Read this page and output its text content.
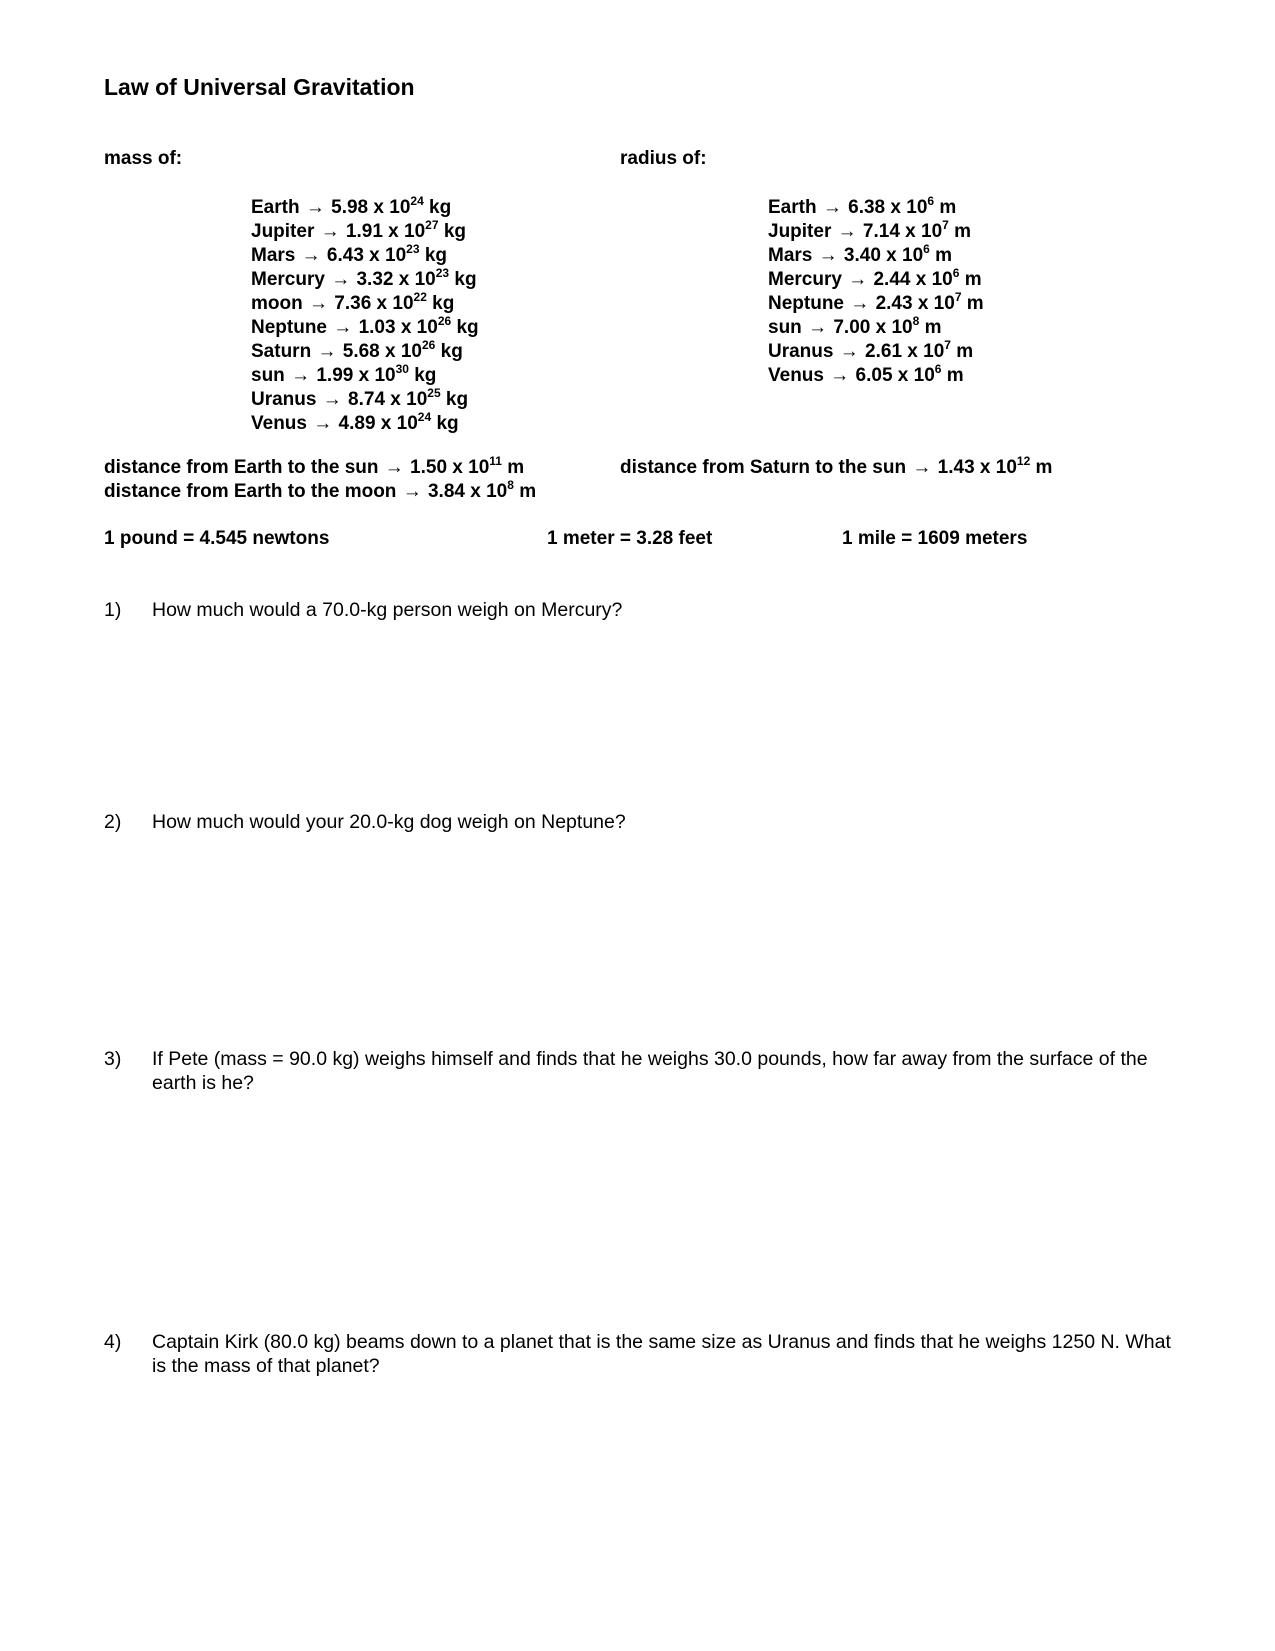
Law of Universal Gravitation
mass of:	radius of:
Earth → 5.98 x $10^{24}$ kg
Jupiter → 1.91 x $10^{27}$ kg
Mars → 6.43 x $10^{23}$ kg
Mercury → 3.32 x $10^{23}$ kg
moon → 7.36 x $10^{22}$ kg
Neptune → 1.03 x $10^{26}$ kg
Saturn → 5.68 x $10^{26}$ kg
sun → 1.99 x $10^{30}$ kg
Uranus → 8.74 x $10^{25}$ kg
Venus → 4.89 x $10^{24}$ kg
Earth → 6.38 x $10^6$ m
Jupiter → 7.14 x $10^7$ m
Mars → 3.40 x $10^6$ m
Mercury → 2.44 x $10^6$ m
Neptune → 2.43 x $10^7$ m
sun → 7.00 x $10^8$ m
Uranus → 2.61 x $10^7$ m
Venus → 6.05 x $10^6$ m
distance from Earth to the sun → 1.50 x $10^{11}$ m
distance from Earth to the moon → 3.84 x $10^8$ m
distance from Saturn to the sun → 1.43 x $10^{12}$ m
1 pound = 4.545 newtons	1 meter = 3.28 feet	1 mile = 1609 meters
1) How much would a 70.0-kg person weigh on Mercury?
2) How much would your 20.0-kg dog weigh on Neptune?
3) If Pete (mass = 90.0 kg) weighs himself and finds that he weighs 30.0 pounds, how far away from the surface of the earth is he?
4) Captain Kirk (80.0 kg) beams down to a planet that is the same size as Uranus and finds that he weighs 1250 N. What is the mass of that planet?
